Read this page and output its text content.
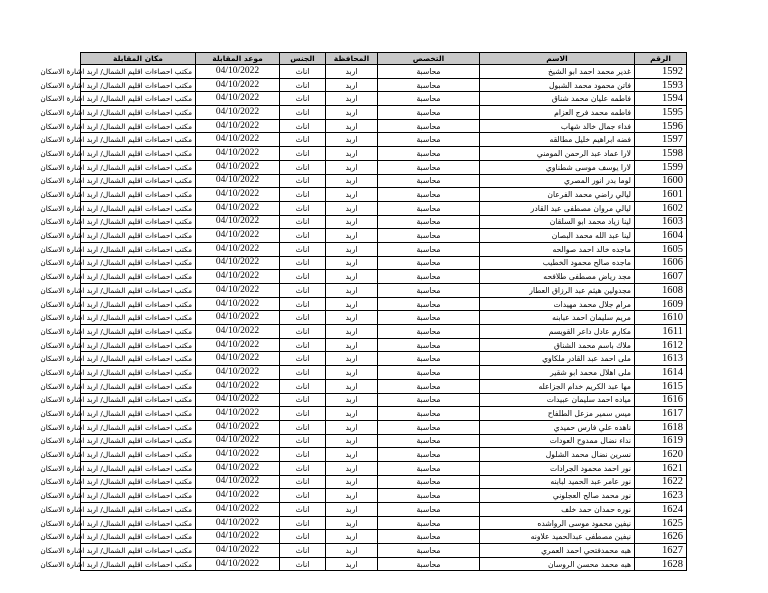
الرقم	الاسم	التخصص	المحافظة	الجنس	موعد المقابلة	مكان المقابلة
1592	غدير محمد احمد ابو الشيخ	محاسبة	اربد	اناث	04/10/2022	مكتب احصاءات اقليم الشمال/ اربد اشارة الاسكان
1593	فاتن محمود محمد الشبول	محاسبة	اربد	اناث	04/10/2022	مكتب احصاءات اقليم الشمال/ اربد اشارة الاسكان
1594	فاطمه عليان محمد شناق	محاسبة	اربد	اناث	04/10/2022	مكتب احصاءات اقليم الشمال/ اربد اشارة الاسكان
1595	فاطمه محمد فرج العزام	محاسبة	اربد	اناث	04/10/2022	مكتب احصاءات اقليم الشمال/ اربد اشارة الاسكان
1596	فداء جمال خالد شهاب	محاسبة	اربد	اناث	04/10/2022	مكتب احصاءات اقليم الشمال/ اربد اشارة الاسكان
1597	فضه ابراهيم خليل مطالقه	محاسبة	اربد	اناث	04/10/2022	مكتب احصاءات اقليم الشمال/ اربد اشارة الاسكان
1598	لارا عماد عبد الرحمن المومني	محاسبة	اربد	اناث	04/10/2022	مكتب احصاءات اقليم الشمال/ اربد اشارة الاسكان
1599	لارا يوسف موسى شطناوي	محاسبة	اربد	اناث	04/10/2022	مكتب احصاءات اقليم الشمال/ اربد اشارة الاسكان
1600	لوما بدر انور المصري	محاسبة	اربد	اناث	04/10/2022	مكتب احصاءات اقليم الشمال/ اربد اشارة الاسكان
1601	ليالي راضي محمد الفرعان	محاسبة	اربد	اناث	04/10/2022	مكتب احصاءات اقليم الشمال/ اربد اشارة الاسكان
1602	ليالي مروان مصطفى عبد القادر	محاسبة	اربد	اناث	04/10/2022	مكتب احصاءات اقليم الشمال/ اربد اشارة الاسكان
1603	لينا زياد محمد ابو السلقان	محاسبة	اربد	اناث	04/10/2022	مكتب احصاءات اقليم الشمال/ اربد اشارة الاسكان
1604	لينا عبد الله محمد البصان	محاسبة	اربد	اناث	04/10/2022	مكتب احصاءات اقليم الشمال/ اربد اشارة الاسكان
1605	ماجده خالد احمد صوالحه	محاسبة	اربد	اناث	04/10/2022	مكتب احصاءات اقليم الشمال/ اربد اشارة الاسكان
1606	ماجده صالح محمود الخطيب	محاسبة	اربد	اناث	04/10/2022	مكتب احصاءات اقليم الشمال/ اربد اشارة الاسكان
1607	مجد رياض مصطفى طلافحه	محاسبة	اربد	اناث	04/10/2022	مكتب احصاءات اقليم الشمال/ اربد اشارة الاسكان
1608	مجدولين هيثم عبد الرزاق العطار	محاسبة	اربد	اناث	04/10/2022	مكتب احصاءات اقليم الشمال/ اربد اشارة الاسكان
1609	مرام جلال محمد مهيدات	محاسبة	اربد	اناث	04/10/2022	مكتب احصاءات اقليم الشمال/ اربد اشارة الاسكان
1610	مريم سليمان احمد عبابنه	محاسبة	اربد	اناث	04/10/2022	مكتب احصاءات اقليم الشمال/ اربد اشارة الاسكان
1611	مكارم عادل داعر القويسم	محاسبة	اربد	اناث	04/10/2022	مكتب احصاءات اقليم الشمال/ اربد اشارة الاسكان
1612	ملاك باسم محمد الشناق	محاسبة	اربد	اناث	04/10/2022	مكتب احصاءات اقليم الشمال/ اربد اشارة الاسكان
1613	ملى احمد عبد القادر ملكاوي	محاسبة	اربد	اناث	04/10/2022	مكتب احصاءات اقليم الشمال/ اربد اشارة الاسكان
1614	ملى اهلال محمد ابو شقير	محاسبة	اربد	اناث	04/10/2022	مكتب احصاءات اقليم الشمال/ اربد اشارة الاسكان
1615	مها عبد الكريم خدام الجزاعله	محاسبة	اربد	اناث	04/10/2022	مكتب احصاءات اقليم الشمال/ اربد اشارة الاسكان
1616	مياده احمد سليمان عبيدات	محاسبة	اربد	اناث	04/10/2022	مكتب احصاءات اقليم الشمال/ اربد اشارة الاسكان
1617	ميس سمير مزعل الطلفاح	محاسبة	اربد	اناث	04/10/2022	مكتب احصاءات اقليم الشمال/ اربد اشارة الاسكان
1618	ناهده علي فارس حميدي	محاسبة	اربد	اناث	04/10/2022	مكتب احصاءات اقليم الشمال/ اربد اشارة الاسكان
1619	نداء نضال ممدوح العودات	محاسبة	اربد	اناث	04/10/2022	مكتب احصاءات اقليم الشمال/ اربد اشارة الاسكان
1620	نسرين نضال محمد الشلول	محاسبة	اربد	اناث	04/10/2022	مكتب احصاءات اقليم الشمال/ اربد اشارة الاسكان
1621	نور احمد محمود الجرادات	محاسبة	اربد	اناث	04/10/2022	مكتب احصاءات اقليم الشمال/ اربد اشارة الاسكان
1622	نور عامر عبد الحميد لبابنه	محاسبة	اربد	اناث	04/10/2022	مكتب احصاءات اقليم الشمال/ اربد اشارة الاسكان
1623	نور محمد صالح العجلوني	محاسبة	اربد	اناث	04/10/2022	مكتب احصاءات اقليم الشمال/ اربد اشارة الاسكان
1624	نوره حمدان حمد خلف	محاسبة	اربد	اناث	04/10/2022	مكتب احصاءات اقليم الشمال/ اربد اشارة الاسكان
1625	نيفين محمود موسى الرواشده	محاسبة	اربد	اناث	04/10/2022	مكتب احصاءات اقليم الشمال/ اربد اشارة الاسكان
1626	نيفين مصطفى عبدالحميد علاونه	محاسبة	اربد	اناث	04/10/2022	مكتب احصاءات اقليم الشمال/ اربد اشارة الاسكان
1627	هبه محمدفتحي احمد العمري	محاسبة	اربد	اناث	04/10/2022	مكتب احصاءات اقليم الشمال/ اربد اشارة الاسكان
1628	هبه محمد محسن الروسان	محاسبة	اربد	اناث	04/10/2022	مكتب احصاءات اقليم الشمال/ اربد اشارة الاسكان
